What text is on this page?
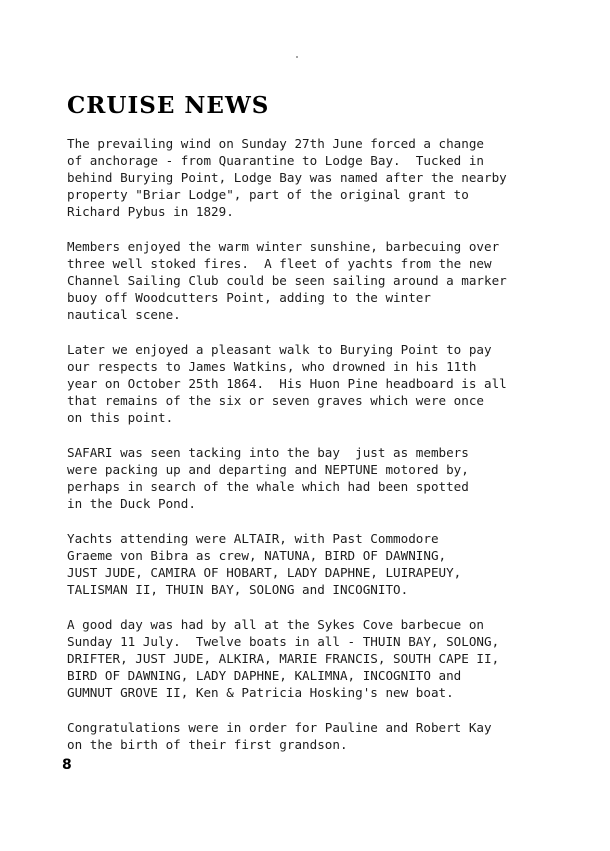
CRUISE NEWS
The prevailing wind on Sunday 27th June forced a change
of anchorage - from Quarantine to Lodge Bay.  Tucked in
behind Burying Point, Lodge Bay was named after the nearby
property "Briar Lodge", part of the original grant to
Richard Pybus in 1829.
Members enjoyed the warm winter sunshine, barbecuing over
three well stoked fires.  A fleet of yachts from the new
Channel Sailing Club could be seen sailing around a marker
buoy off Woodcutters Point, adding to the winter
nautical scene.
Later we enjoyed a pleasant walk to Burying Point to pay
our respects to James Watkins, who drowned in his 11th
year on October 25th 1864.  His Huon Pine headboard is all
that remains of the six or seven graves which were once
on this point.
SAFARI was seen tacking into the bay  just as members
were packing up and departing and NEPTUNE motored by,
perhaps in search of the whale which had been spotted
in the Duck Pond.
Yachts attending were ALTAIR, with Past Commodore
Graeme von Bibra as crew, NATUNA, BIRD OF DAWNING,
JUST JUDE, CAMIRA OF HOBART, LADY DAPHNE, LUIRAPEUY,
TALISMAN II, THUIN BAY, SOLONG and INCOGNITO.
A good day was had by all at the Sykes Cove barbecue on
Sunday 11 July.  Twelve boats in all - THUIN BAY, SOLONG,
DRIFTER, JUST JUDE, ALKIRA, MARIE FRANCIS, SOUTH CAPE II,
BIRD OF DAWNING, LADY DAPHNE, KALIMNA, INCOGNITO and
GUMNUT GROVE II, Ken & Patricia Hosking's new boat.
Congratulations were in order for Pauline and Robert Kay
on the birth of their first grandson.
8
